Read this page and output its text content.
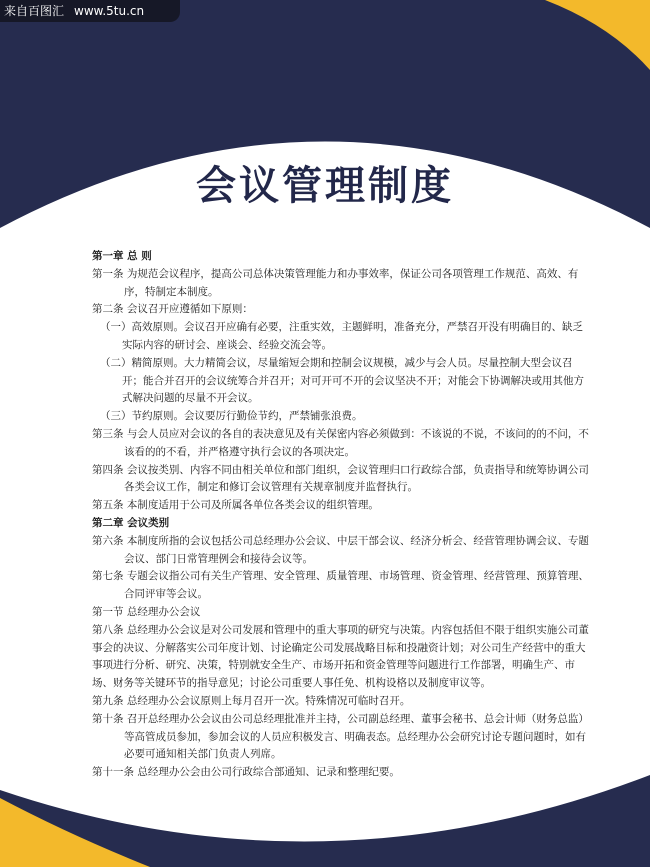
来自百图汇 www.5tu.cn
会议管理制度

第一章 总 则

第一条 为规范会议程序，提高公司总体决策管理能力和办事效率，保证公司各项管理工作规范、高效、有序，特制定本制度。

第二条 会议召开应遵循如下原则：

（一）高效原则。会议召开应确有必要，注重实效，主题鲜明，准备充分，严禁召开没有明确目的、缺乏实际内容的研讨会、座谈会、经验交流会等。

（二）精简原则。大力精简会议，尽量缩短会期和控制会议规模，减少与会人员。尽量控制大型会议召开；能合并召开的会议统筹合并召开；对可开可不开的会议坚决不开；对能会下协调解决或用其他方式解决问题的尽量不开会议。

（三）节约原则。会议要厉行勤俭节约，严禁铺张浪费。

第三条 与会人员应对会议的各自的表决意见及有关保密内容必须做到：不该说的不说，不该问的的不问，不该看的的不看，并严格遵守执行会议的各项决定。

第四条 会议按类别、内容不同由相关单位和部门组织，会议管理归口行政综合部，负责指导和统筹协调公司各类会议工作，制定和修订会议管理有关规章制度并监督执行。

第五条 本制度适用于公司及所属各单位各类会议的组织管理。

第二章 会议类别

第六条 本制度所指的会议包括公司总经理办公会议、中层干部会议、经济分析会、经营管理协调会议、专题会议、部门日常管理例会和接待会议等。

第七条 专题会议指公司有关生产管理、安全管理、质量管理、市场管理、资金管理、经营管理、预算管理、合同评审等会议。

第一节 总经理办公会议

第八条 总经理办公会议是对公司发展和管理中的重大事项的研究与决策。内容包括但不限于组织实施公司董事会的决议、分解落实公司年度计划、讨论确定公司发展战略目标和投融资计划；对公司生产经营中的重大事项进行分析、研究、决策，特别就安全生产、市场开拓和资金管理等问题进行工作部署，明确生产、市场、财务等关键环节的指导意见；讨论公司重要人事任免、机构设格以及制度审议等。

第九条 总经理办公会议原则上每月召开一次。特殊情况可临时召开。

第十条 召开总经理办公会议由公司总经理批准并主持，公司副总经理、董事会秘书、总会计师（财务总监）等高管成员参加，参加会议的人员应积极发言、明确表态。总经理办公会研究讨论专题问题时，如有必要可通知相关部门负责人列席。

第十一条 总经理办公会由公司行政综合部通知、记录和整理纪要。
